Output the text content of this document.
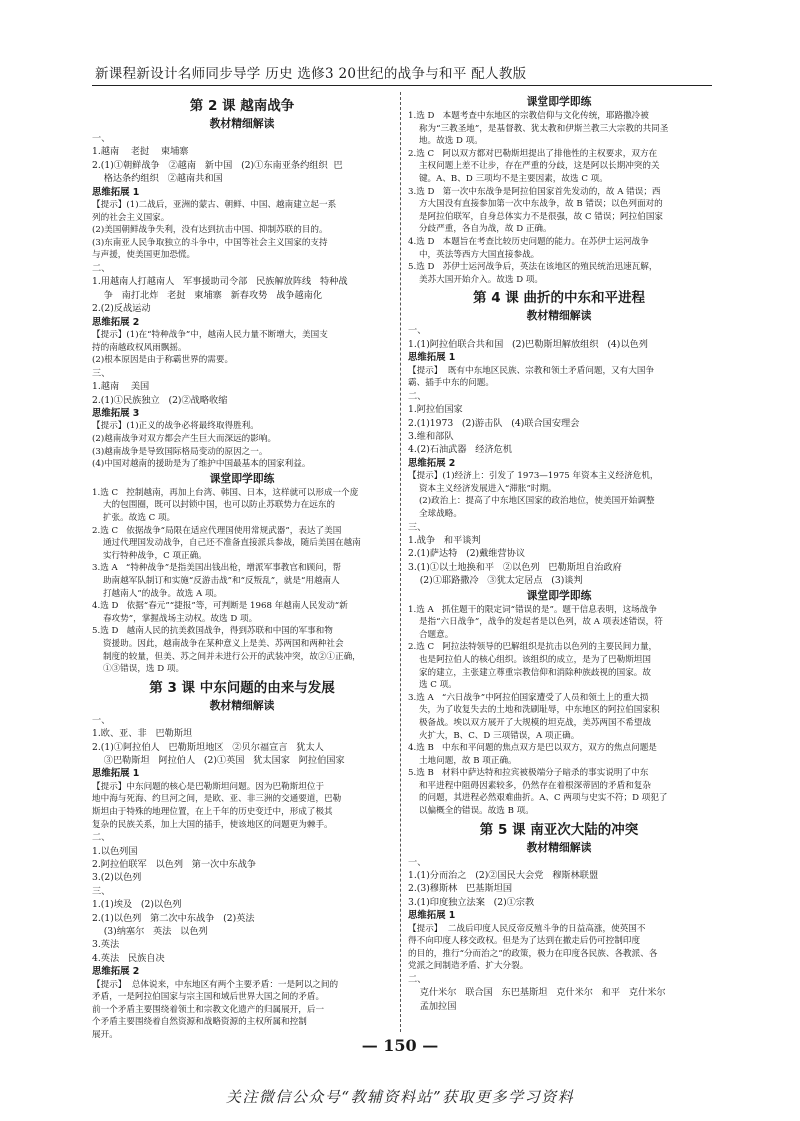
新课程新设计名师同步导学 历史 选修3 20世纪的战争与和平 配人教版
第 2 课 越南战争
教材精细解读
一、
1.越南    老挝    柬埔寨
2.(1)①朝鲜战争   ②越南   新中国   (2)①东南亚条约组织  巴
格达条约组织   ②越南共和国
思维拓展 1
【提示】(1)二战后，亚洲的蒙古、朝鲜、中国、越南建立起一系
列的社会主义国家。
(2)美国朝鲜战争失利，没有达到抗击中国、抑制苏联的目的。
(3)东南亚人民争取独立的斗争中，中国等社会主义国家的支持
与声援，使美国更加恐慌。
二、
1.用越南人打越南人   军事援助司令部   民族解放阵线   特种战
争   南打北炸   老挝   柬埔寨   新春攻势   战争越南化
2.(2)反战运动
思维拓展 2
【提示】(1)在“特种战争”中，越南人民力量不断增大，美国支
持的南越政权风雨飘摇。
(2)根本原因是由于称霸世界的需要。
三、
1.越南    美国
2.(1)①民族独立   (2)②战略收缩
思维拓展 3
【提示】(1)正义的战争必将最终取得胜利。
(2)越南战争对双方都会产生巨大而深远的影响。
(3)越南战争是导致国际格局变动的原因之一。
(4)中国对越南的援助是为了维护中国最基本的国家利益。
课堂即学即练
1.选 C   控制越南，再加上台湾、韩国、日本，这样就可以形成一个庞
大的包围圈，既可以封锁中国，也可以防止苏联势力在远东的
扩张。故选 C 项。
2.选 C   依据战争“局限在适应代理国使用常规武器”，表达了美国
通过代理国发动战争，自己还不准备直接派兵参战，随后美国在越南
实行特种战争，C 项正确。
3.选 A   “特种战争”是指美国出钱出枪，增派军事教官和顾问，帮
助南越军队制订和实施“反游击战”和“反叛乱”，就是“用越南人
打越南人”的战争。故选 A 项。
4.选 D   依据“春元”“捷报”等，可判断是 1968 年越南人民发动“新
春攻势”，掌握战场主动权。故选 D 项。
5.选 D   越南人民的抗美救国战争，得到苏联和中国的军事和物
资援助。因此，越南战争在某种意义上是美、苏两国和两种社会
制度的较量，但美、苏之间并未进行公开的武装冲突，故②①正确，
①③错误，选 D 项。
第 3 课 中东问题的由来与发展
教材精细解读
一、
1.欧、亚、非   巴勒斯坦
2.(1)①阿拉伯人   巴勒斯坦地区   ②贝尔福宣言   犹太人
③巴勒斯坦   阿拉伯人   (2)①英国   犹太国家   阿拉伯国家
思维拓展 1
【提示】中东问题的核心是巴勒斯坦问题。因为巴勒斯坦位于
地中海与死海、约旦河之间，是欧、亚、非三洲的交通要道，巴勒
斯坦由于特殊的地理位置，在上千年的历史变迁中，形成了极其
复杂的民族关系，加上大国的插手，使该地区的问题更为棘手。
二、
1.以色列国
2.阿拉伯联军   以色列   第一次中东战争
3.(2)以色列
三、
1.(1)埃及   (2)以色列
2.(1)以色列   第二次中东战争   (2)英法
(3)纳塞尔   英法   以色列
3.英法
4.英法   民族自决
思维拓展 2
【提示】  总体说来，中东地区有两个主要矛盾：一是阿以之间的
矛盾，一是阿拉伯国家与宗主国和域后世界大国之间的矛盾。
前一个矛盾主要围绕着领土和宗教文化遗产的归属展开，后一
个矛盾主要围绕着自然资源和战略资源的主权所属和控制
展开。
课堂即学即练
1.选 D   本题考查中东地区的宗教信仰与文化传统，耶路撒冷被
称为“三教圣地”，是基督教、犹太教和伊斯兰教三大宗教的共同圣
地。故选 D 项。
2.选 C   阿以双方都对巴勒斯坦提出了排他性的主权要求，双方在
主权问题上差不让步，存在严重的分歧，这是阿以长期冲突的关
键。A、B、D 三项均不是主要因素，故选 C 项。
3.选 D   第一次中东战争是阿拉伯国家首先发动的，故 A 错误；西
方大国没有直接参加第一次中东战争，故 B 错误；以色列面对的
是阿拉伯联军，自身总体实力不是很强，故 C 错误；阿拉伯国家
分歧严重，各自为战，故 D 正确。
4.选 D   本题旨在考查比较历史问题的能力。在苏伊士运河战争
中，英法等西方大国直接参战。
5.选 D   苏伊士运河战争后，英法在该地区的殖民统治迅速瓦解，
美苏大国开始介入。故选 D 项。
第 4 课 曲折的中东和平进程
教材精细解读
一、
1.(1)阿拉伯联合共和国   (2)巴勒斯坦解放组织   (4)以色列
思维拓展 1
【提示】  既有中东地区民族、宗教和领土矛盾问题，又有大国争
霸、插手中东的问题。
二、
1.阿拉伯国家
2.(1)1973   (2)游击队   (4)联合国安理会
3.维和部队
4.(2)石油武器   经济危机
思维拓展 2
【提示】(1)经济上：引发了 1973—1975 年资本主义经济危机，
资本主义经济发展进入“滞胀”时期。
(2)政治上：提高了中东地区国家的政治地位，使美国开始调整
全球战略。
三、
1.战争   和平谈判
2.(1)萨达特   (2)戴维营协议
3.(1)①以土地换和平   ②以色列   巴勒斯坦自治政府
(2)①耶路撒冷   ③犹太定居点   (3)谈判
课堂即学即练
1.选 A   抓住题干的限定词“错误的是”。题干信息表明，这场战争
是指“六日战争”，战争的发起者是以色列，故 A 项表述错误，符
合题意。
2.选 C   阿拉法特领导的巴解组织是抗击以色列的主要民间力量，
也是阿拉伯人的核心组织。该组织的成立，是为了巴勒斯坦国
家的建立，主张建立尊重宗教信仰和消除种族歧视的国家。故
选 C 项。
3.选 A   “六日战争”中阿拉伯国家遭受了人员和领土上的重大损
失，为了收复失去的土地和洗刷耻辱，中东地区的阿拉伯国家积
极备战。埃以双方展开了大规模的坦克战，美苏两国不希望战
火扩大，B、C、D 三项错误，A 项正确。
4.选 B   中东和平问题的焦点双方是巴以双方，双方的焦点问题是
土地问题，故 B 项正确。
5.选 B   材料中萨达特和拉宾被极端分子暗杀的事实说明了中东
和平进程中阻碍因素较多，仍然存在着根深蒂固的矛盾和复杂
的问题，其进程必然艰难曲折。A、C 两项与史实不符；D 项犯了
以偏概全的错误。故选 B 项。
第 5 课 南亚次大陆的冲突
教材精细解读
一、
1.(1)分而治之   (2)②国民大会党   穆斯林联盟
2.(3)穆斯林   巴基斯坦国
3.(1)印度独立法案   (2)①宗教
思维拓展 1
【提示】  二战后印度人民反帝反殖斗争的日益高涨，使英国不
得不向印度人移交政权。但是为了达到在撤走后仍可控制印度
的目的，推行“分而治之”的政策，极力在印度各民族、各教派、各
党派之间制造矛盾、扩大分裂。
二、
克什米尔   联合国   东巴基斯坦   克什米尔   和平   克什米尔
孟加拉国
— 150 —
关注微信公众号“教辅资料站”获取更多学习资料
